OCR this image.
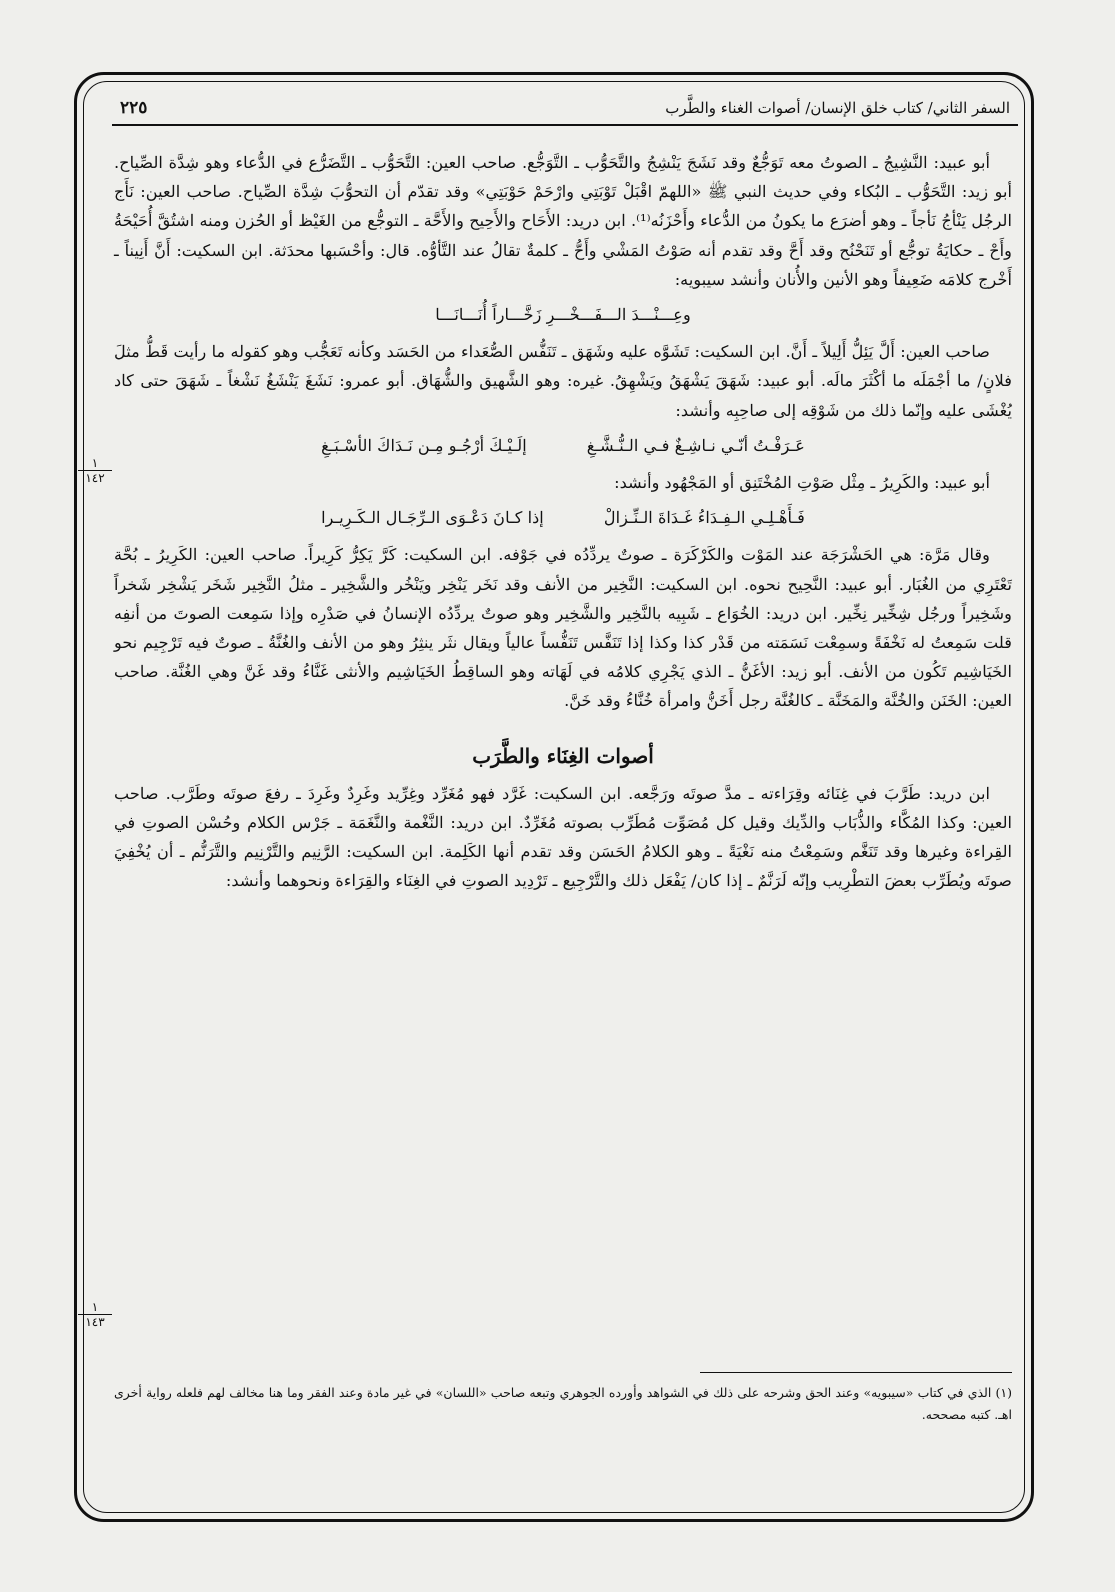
السفر الثاني/ كتاب خلق الإنسان/ أصوات الغناء والطَّرب
٢٢٥
١
١٤٢
١
١٤٣

أبو عبيد: النَّشِيجُ ـ الصوتُ معه تَوَجُّعٌ وقد نَشَجَ يَنْشِجُ والتَّحَوُّب ـ التَّوَجُّع. صاحب العين: التَّحَوُّب ـ التَّضَرُّع في الدُّعاء وهو شِدَّة الصِّياح. أبو زيد: التَّحَوُّب ـ البُكاء وفي حديث النبي ﷺ «اللهمّ اقْبَلْ تَوْبَتِي وارْحَمْ حَوْبَتِي» وقد تقدّم أن التحوُّبَ شِدَّة الصِّياح. صاحب العين: نَأَج الرجُل يَنْأجُ نَأجاً ـ وهو أضرَع ما يكونُ من الدُّعاء وأَحْزَنُه⁽¹⁾. ابن دريد: الأَحَاح والأَحِيح والأَحَّة ـ التوجُّع من الغَيْظ أو الحُزن ومنه اشتُقَّ أُحَيْحَةُ وأَحْ ـ حكايَةُ توجُّع أو تَنَحْنُح وقد أَحَّ وقد تقدم أنه صَوْتُ المَشْي وأَحُّ ـ كلمةٌ تقالُ عند التَّأوُّه. قال: وأحْسَبها محدَثة. ابن السكيت: أَنَّ أَنِيناً ـ أَخْرج كلامَه ضَعِيفاً وهو الأنين والأُنان وأنشد سيبويه:

وعِـــنْـــدَ الـــفَـــخْـــرِ زَخَّـــاراً أُنَـــانَـــا

صاحب العين: أَلَّ يَئِلُّ أَلِيلاً ـ أَنَّ. ابن السكيت: تَشَوَّه عليه وشَهَق ـ تَنَفُّس الصُّعَداء من الحَسَد وكأنه تَعَجُّب وهو كقوله ما رأيت قَطُّ مثلَ فلانٍ/ ما أجْمَلَه ما أكْثَرَ مالَه. أبو عبيد: شَهَقَ يَشْهَقُ ويَشْهِقُ. غيره: وهو الشَّهيق والشُّهَاق. أبو عمرو: نَشَغَ يَنْشَغُ نَشْغاً ـ شَهَقَ حتى كاد يُغْشَى عليه وإنّما ذلك من شَوْقِه إلى صاحِبِه وأنشد:

عَـرَفْـتُ أنّـي نـاشِـغٌ فـي الـنُّـشَّـغِ
إلَـيْـكَ أرْجُـو مِـن نَـدَاكَ الأسْـبَـغِ

أبو عبيد: والكَرِيرُ ـ مِثْل صَوْتِ المُخْتَنِق أو المَجْهُود وأنشد:

فَـأَهْـلِـي الـفِـدَاءُ غَـدَاةَ الـنِّـزالْ
إذا كـانَ دَعْـوَى الـرِّجَـال الـكَـرِيـرا

وقال مَرَّة: هي الحَشْرَجَة عند المَوْت والكَرْكَرَة ـ صوتٌ يردِّدُه في جَوْفه. ابن السكيت: كَرَّ يَكِرُّ كَرِيراً. صاحب العين: الكَرِيرُ ـ بُحَّة تَعْتَرِي من الغُبَار. أبو عبيد: النَّحِيح نحوه. ابن السكيت: النَّخِير من الأنف وقد نَخَر يَنْخِر ويَنْخُر والشَّخِير ـ مثلُ النَّخِير شَخَر يَشْخِر شَخراً وشَخِيراً ورجُل شِخِّير نِخِّير. ابن دريد: الخُوَاع ـ شَبِيه بالنَّخِير والشَّخِير وهو صوتٌ يردِّدُه الإنسانُ في صَدْرِه وإذا سَمِعت الصوتَ من أنفِه قلت سَمِعتُ له نَخْفَةً وسمِعْت نَسَمَته من قَدْر كذا وكذا إذا تَنَفَّس تَنَفُّساً عالياً ويقال نثَر ينثِرُ وهو من الأنف والغُنَّةُ ـ صوتٌ فيه تَرْجِيم نحو الخَيَاشِيم تَكُون من الأنف. أبو زيد: الأغَنُّ ـ الذي يَجْرِي كلامُه في لَهَاته وهو الساقِطُ الخَيَاشِيم والأنثى غَنَّاءُ وقد غَنَّ وهي الغُنَّة. صاحب العين: الخَنَن والخُنَّة والمَخَنَّة ـ كالغُنَّة رجل أَخَنُّ وامرأة خُنَّاءُ وقد خَنَّ.

أصوات الغِنَاء والطَّرَب

ابن دريد: طَرَّبَ في غِنَائه وقِرَاءته ـ مدَّ صوتَه ورَجَّعه. ابن السكيت: غَرَّد فهو مُغَرِّد وغِرِّيد وغَرِدٌ وغَرِدَ ـ رفعَ صوتَه وطَرَّب. صاحب العين: وكذا المُكَّاء والذُّبَاب والدِّيك وقيل كل مُصَوِّت مُطَرِّب بصوته مُغَرِّدٌ. ابن دريد: النَّغْمة والنَّغَمَة ـ جَرْس الكلام وحُسْن الصوتِ في القِراءة وغيرها وقد تَنَغَّم وسَمِعْتُ منه نَغْيَةً ـ وهو الكلامُ الحَسَن وقد تقدم أنها الكَلِمة. ابن السكيت: الرَّنِيم والتَّرْنِيم والتَّرَنُّم ـ أن يُخْفِيَ صوتَه ويُطَرِّب بعضَ التطْرِيب وإنّه لَرَنَّمٌ ـ إذا كان/ يَفْعَل ذلك والتَّرْجِيع ـ تَرْدِيد الصوتِ في الغِنَاء والقِرَاءة ونحوهما وأنشد:

(١) الذي في كتاب «سيبويه» وعند الحق وشرحه على ذلك في الشواهد وأورده الجوهري وتبعه صاحب «اللسان» في غير مادة وعند الفقر وما هنا مخالف لهم فلعله رواية أخرى اهـ. كتبه مصححه.
